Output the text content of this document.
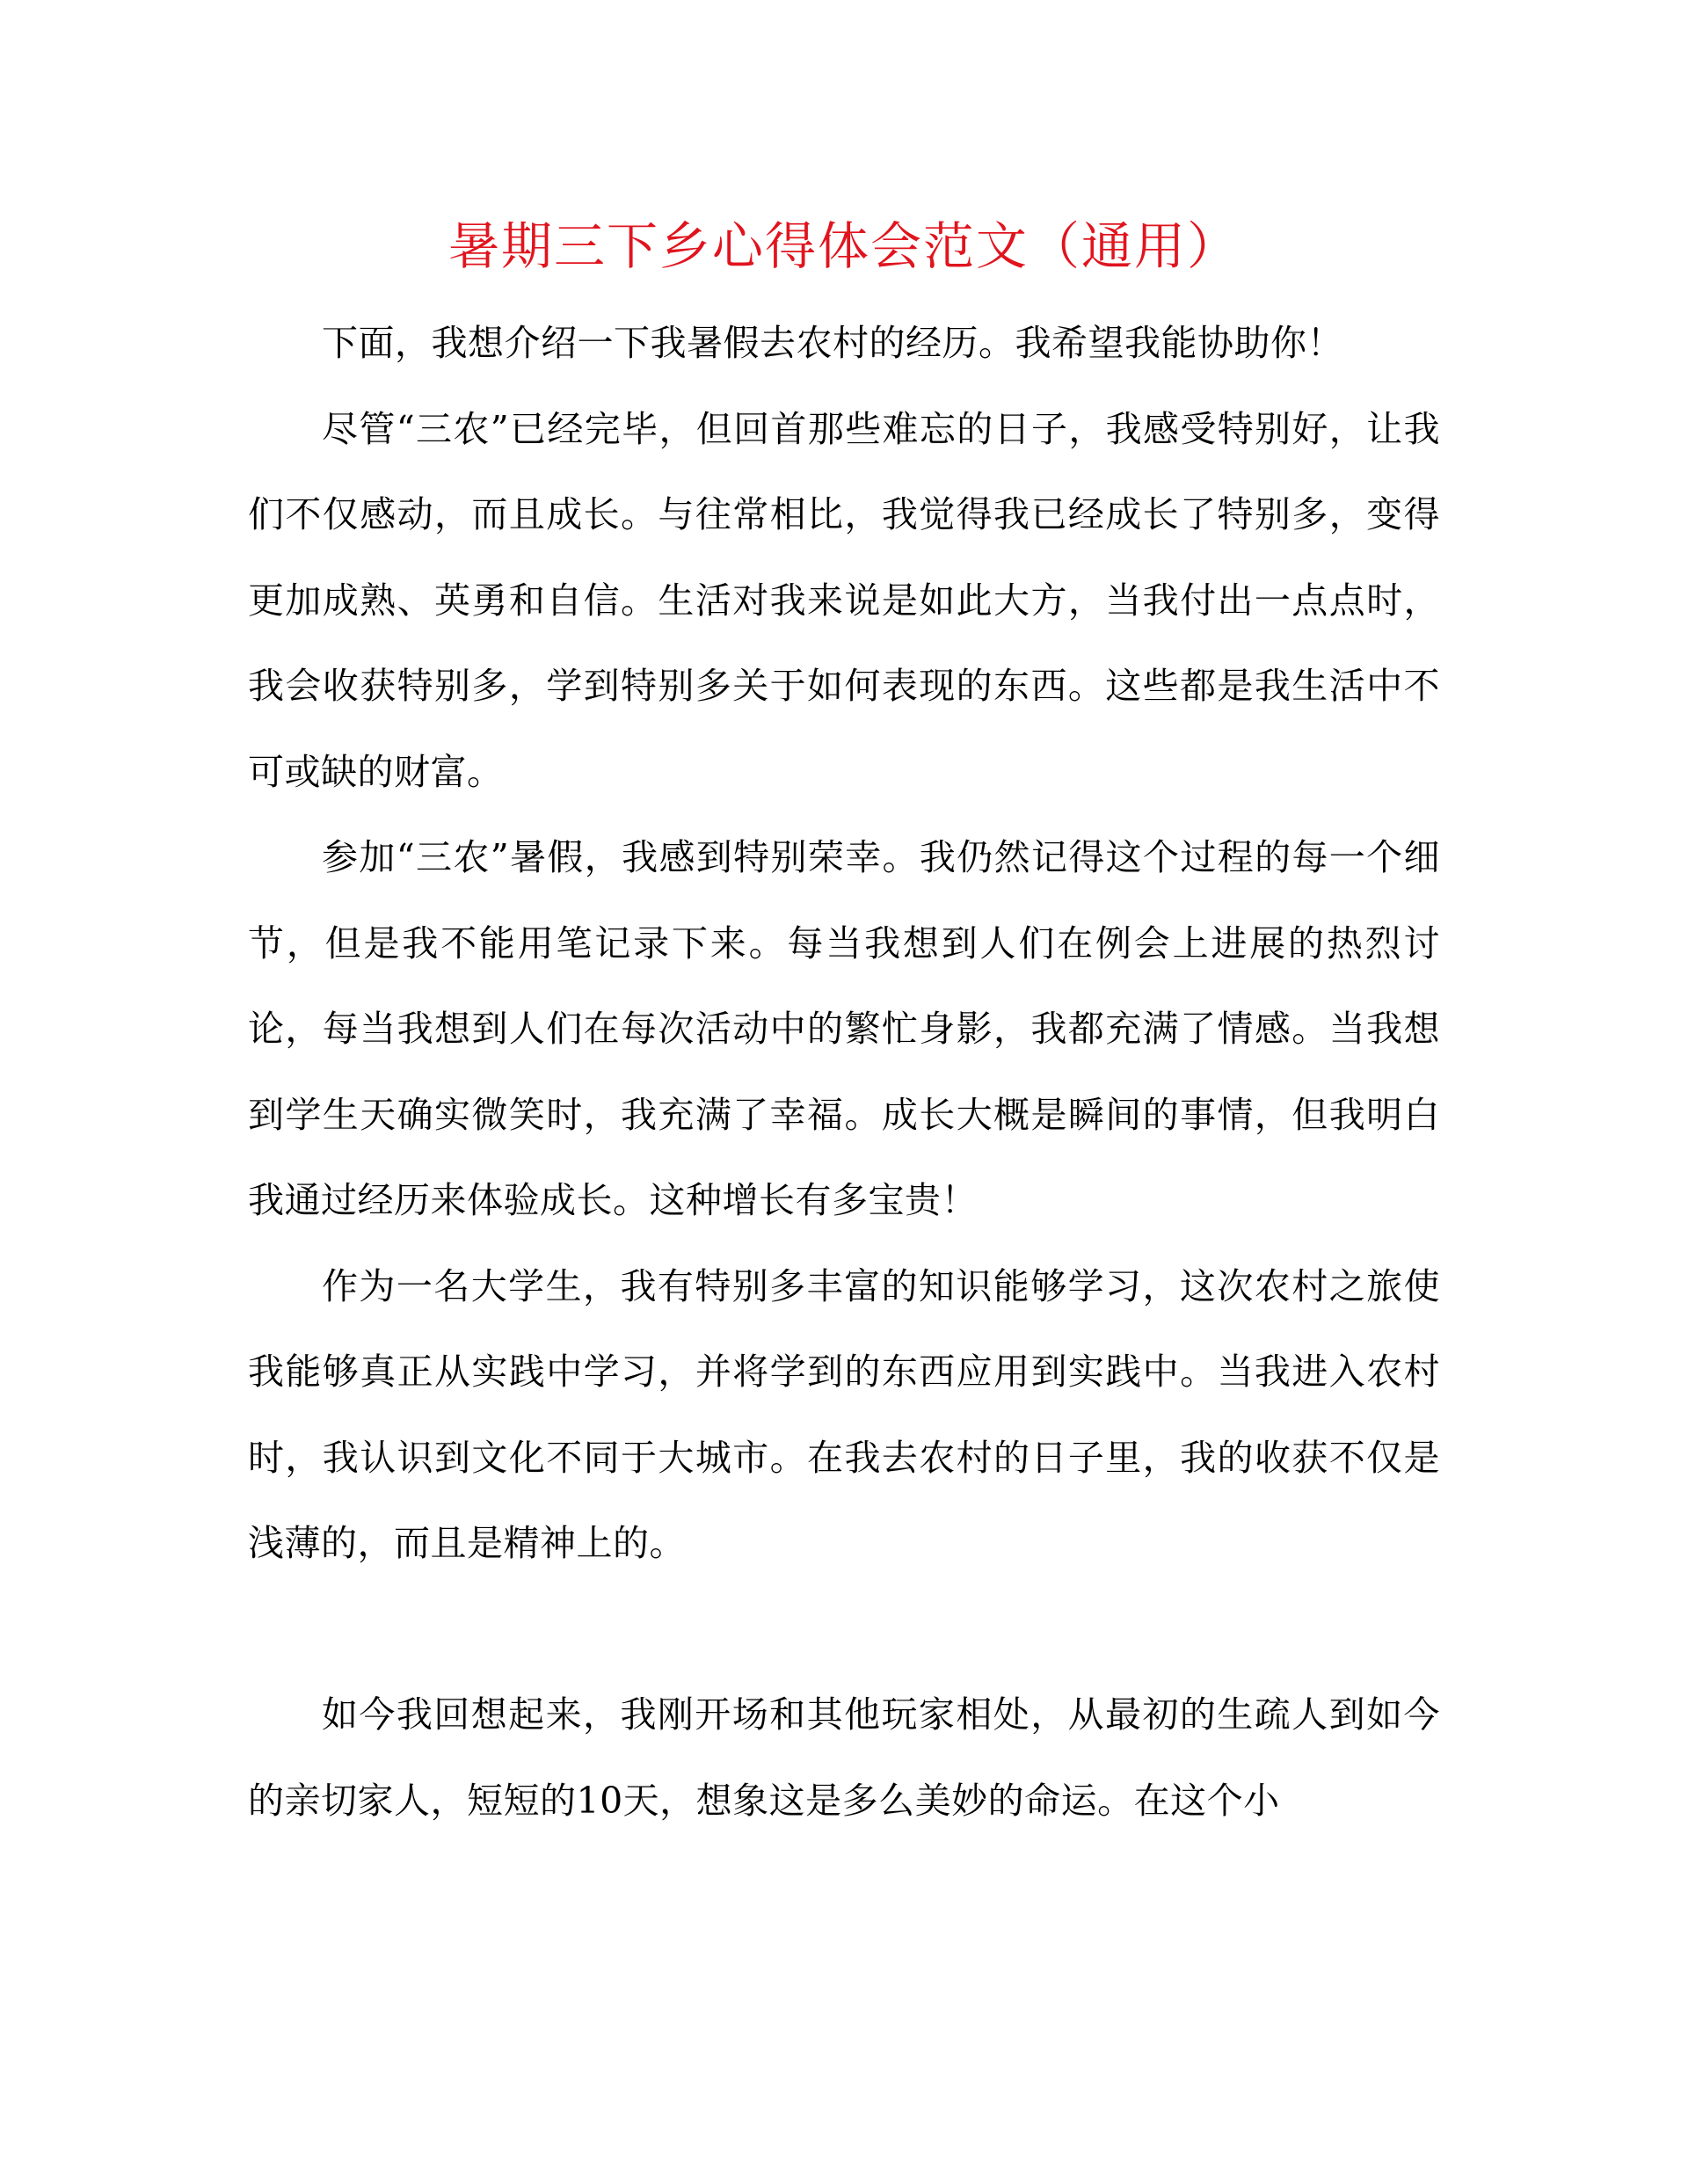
暑期三下乡心得体会范文（通用）

下面，我想介绍一下我暑假去农村的经历。我希望我能协助你！

尽管“三农”已经完毕，但回首那些难忘的日子，我感受特别好，让我们不仅感动，而且成长。与往常相比，我觉得我已经成长了特别多，变得更加成熟、英勇和自信。生活对我来说是如此大方，当我付出一点点时，我会收获特别多，学到特别多关于如何表现的东西。这些都是我生活中不可或缺的财富。

参加“三农”暑假，我感到特别荣幸。我仍然记得这个过程的每一个细节，但是我不能用笔记录下来。每当我想到人们在例会上进展的热烈讨论，每当我想到人们在每次活动中的繁忙身影，我都充满了情感。当我想到学生天确实微笑时，我充满了幸福。成长大概是瞬间的事情，但我明白我通过经历来体验成长。这种增长有多宝贵！

作为一名大学生，我有特别多丰富的知识能够学习，这次农村之旅使我能够真正从实践中学习，并将学到的东西应用到实践中。当我进入农村时，我认识到文化不同于大城市。在我去农村的日子里，我的收获不仅是浅薄的，而且是精神上的。

如今我回想起来，我刚开场和其他玩家相处，从最初的生疏人到如今的亲切家人，短短的10天，想象这是多么美妙的命运。在这个小
